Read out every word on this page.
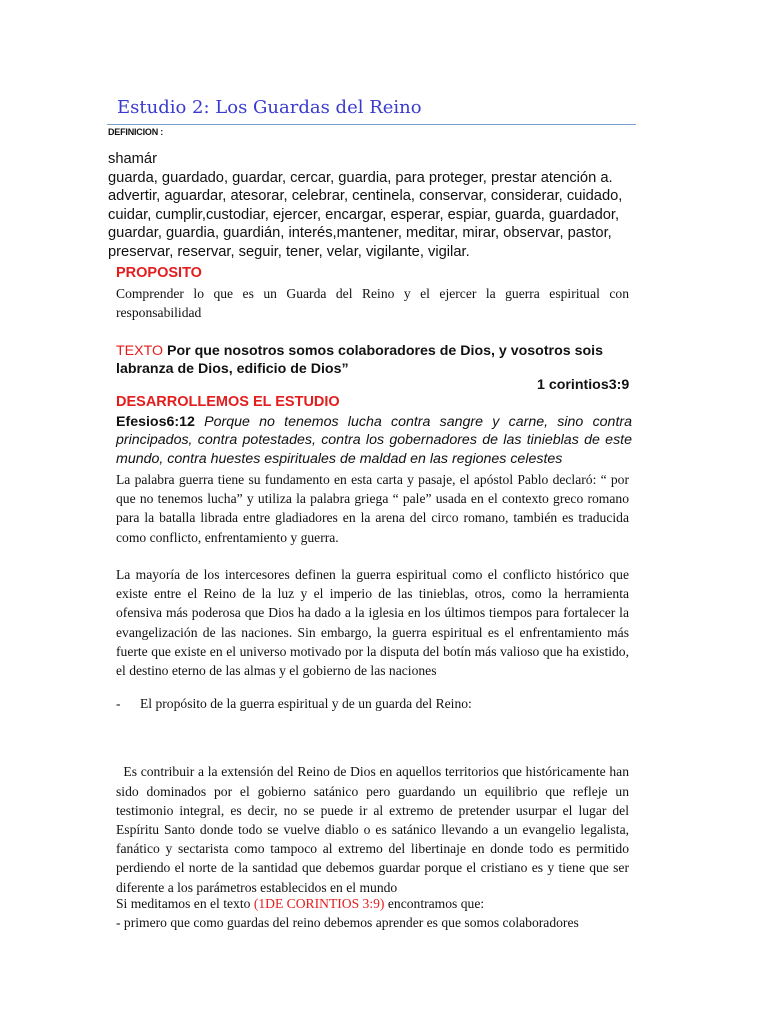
Estudio 2: Los Guardas del Reino
DEFINICION :

shamár

guarda, guardado, guardar, cercar, guardia, para proteger, prestar atención a.

advertir, aguardar, atesorar, celebrar, centinela, conservar, considerar, cuidado,

cuidar, cumplir,custodiar, ejercer, encargar, esperar, espiar, guarda, guardador,

guardar, guardia, guardián, interés,mantener, meditar, mirar, observar, pastor,

preservar, reservar, seguir, tener, velar, vigilante, vigilar.

PROPOSITO

Comprender lo que es un Guarda del Reino y el ejercer la guerra espiritual con responsabilidad

TEXTO Por que nosotros somos colaboradores de Dios, y vosotros sois labranza de Dios, edificio de Dios”
1 corintios3:9
DESARROLLEMOS EL ESTUDIO
Efesios6:12 Porque no tenemos lucha contra sangre y carne, sino contra principados, contra potestades, contra los gobernadores de las tinieblas de este mundo, contra huestes espirituales de maldad en las regiones celestes

La palabra guerra tiene su fundamento en esta carta y pasaje, el apóstol Pablo declaró: “ por que no tenemos lucha” y utiliza la palabra griega “ pale” usada en el contexto greco romano para la batalla librada entre gladiadores en la arena del circo romano, también es traducida como conflicto, enfrentamiento y guerra.

La mayoría de los intercesores definen la guerra espiritual como el conflicto histórico que existe entre el Reino de la luz y el imperio de las tinieblas, otros, como la herramienta ofensiva más poderosa que Dios ha dado a la iglesia en los últimos tiempos para fortalecer la evangelización de las naciones. Sin embargo, la guerra espiritual es el enfrentamiento más fuerte que existe en el universo motivado por la disputa del botín más valioso que ha existido, el destino eterno de las almas y el gobierno de las naciones

- El propósito de la guerra espiritual y de un guarda del Reino:

Es contribuir a la extensión del Reino de Dios en aquellos territorios que históricamente han sido dominados por el gobierno satánico pero guardando un equilibrio que refleje un testimonio integral, es decir, no se puede ir al extremo de pretender usurpar el lugar del Espíritu Santo donde todo se vuelve diablo o es satánico llevando a un evangelio legalista, fanático y sectarista como tampoco al extremo del libertinaje en donde todo es permitido perdiendo el norte de la santidad que debemos guardar porque el cristiano es y tiene que ser diferente a los parámetros establecidos en el mundo

Si meditamos en el texto (1DE CORINTIOS 3:9) encontramos que:

- primero que como guardas del reino debemos aprender es que somos colaboradores
